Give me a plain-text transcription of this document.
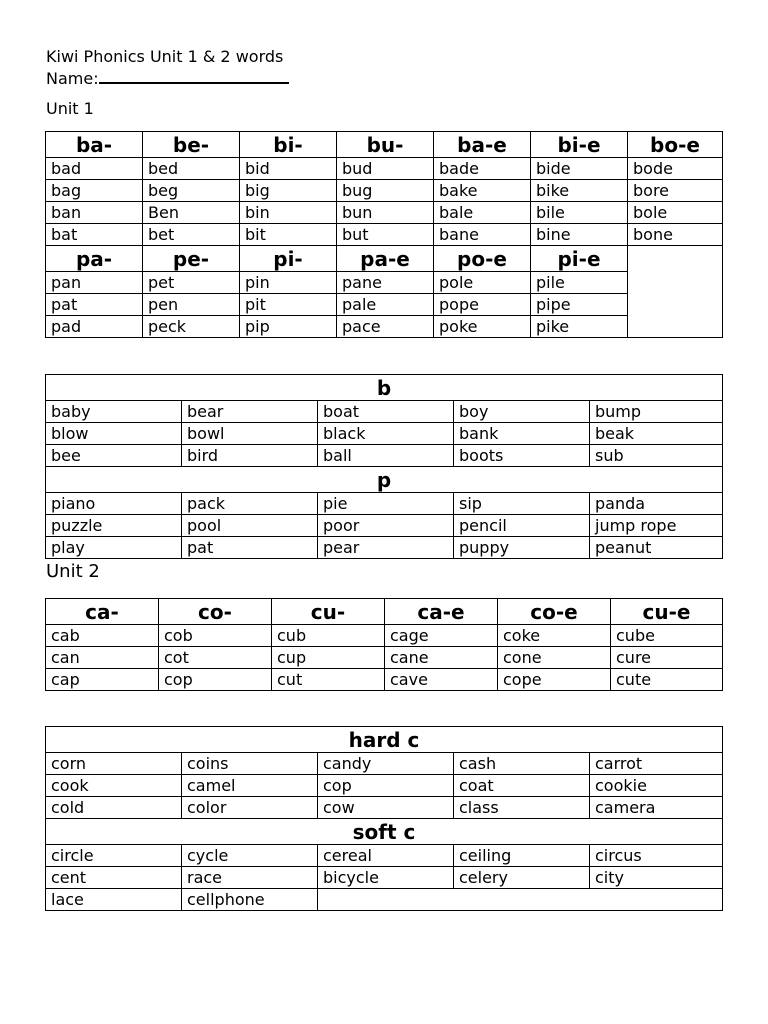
Kiwi Phonics Unit 1 & 2 words
Name:
Unit 1
ba-	be-	bi-	bu-	ba-e	bi-e	bo-e
bad	bed	bid	bud	bade	bide	bode
bag	beg	big	bug	bake	bike	bore
ban	Ben	bin	bun	bale	bile	bole
bat	bet	bit	but	bane	bine	bone
pa-	pe-	pi-	pa-e	po-e	pi-e	
pan	pet	pin	pane	pole	pile	
pat	pen	pit	pale	pope	pipe	
pad	peck	pip	pace	poke	pike	
b				
baby	bear	boat	boy	bump
blow	bowl	black	bank	beak
bee	bird	ball	boots	sub
p				
piano	pack	pie	sip	panda
puzzle	pool	poor	pencil	jump rope
play	pat	pear	puppy	peanut
Unit 2
ca-	co-	cu-	ca-e	co-e	cu-e
cab	cob	cub	cage	coke	cube
can	cot	cup	cane	cone	cure
cap	cop	cut	cave	cope	cute
hard c				
corn	coins	candy	cash	carrot
cook	camel	cop	coat	cookie
cold	color	cow	class	camera
soft c				
circle	cycle	cereal	ceiling	circus
cent	race	bicycle	celery	city
lace	cellphone			
